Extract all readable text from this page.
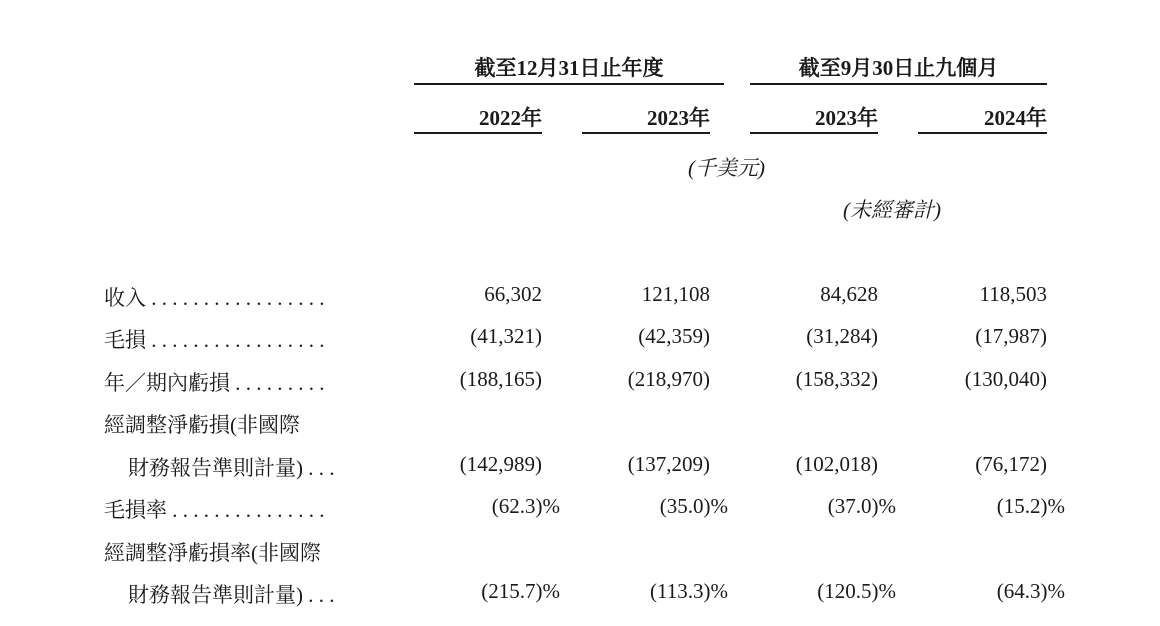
截至12月31日止年度	截至9月30日止九個月
2022年	2023年	2023年	2024年
(千美元)
(未經審計)
收入 . . . . . . . . . . . . . . . . .	66,302	121,108	84,628	118,503
毛損 . . . . . . . . . . . . . . . . .	(41,321)	(42,359)	(31,284)	(17,987)
年／期內虧損 . . . . . . . . .	(188,165)	(218,970)	(158,332)	(130,040)
經調整淨虧損(非國際
財務報告準則計量) . . .	(142,989)	(137,209)	(102,018)	(76,172)
毛損率 . . . . . . . . . . . . . . .	(62.3)%	(35.0)%	(37.0)%	(15.2)%
經調整淨虧損率(非國際
財務報告準則計量) . . .	(215.7)%	(113.3)%	(120.5)%	(64.3)%
